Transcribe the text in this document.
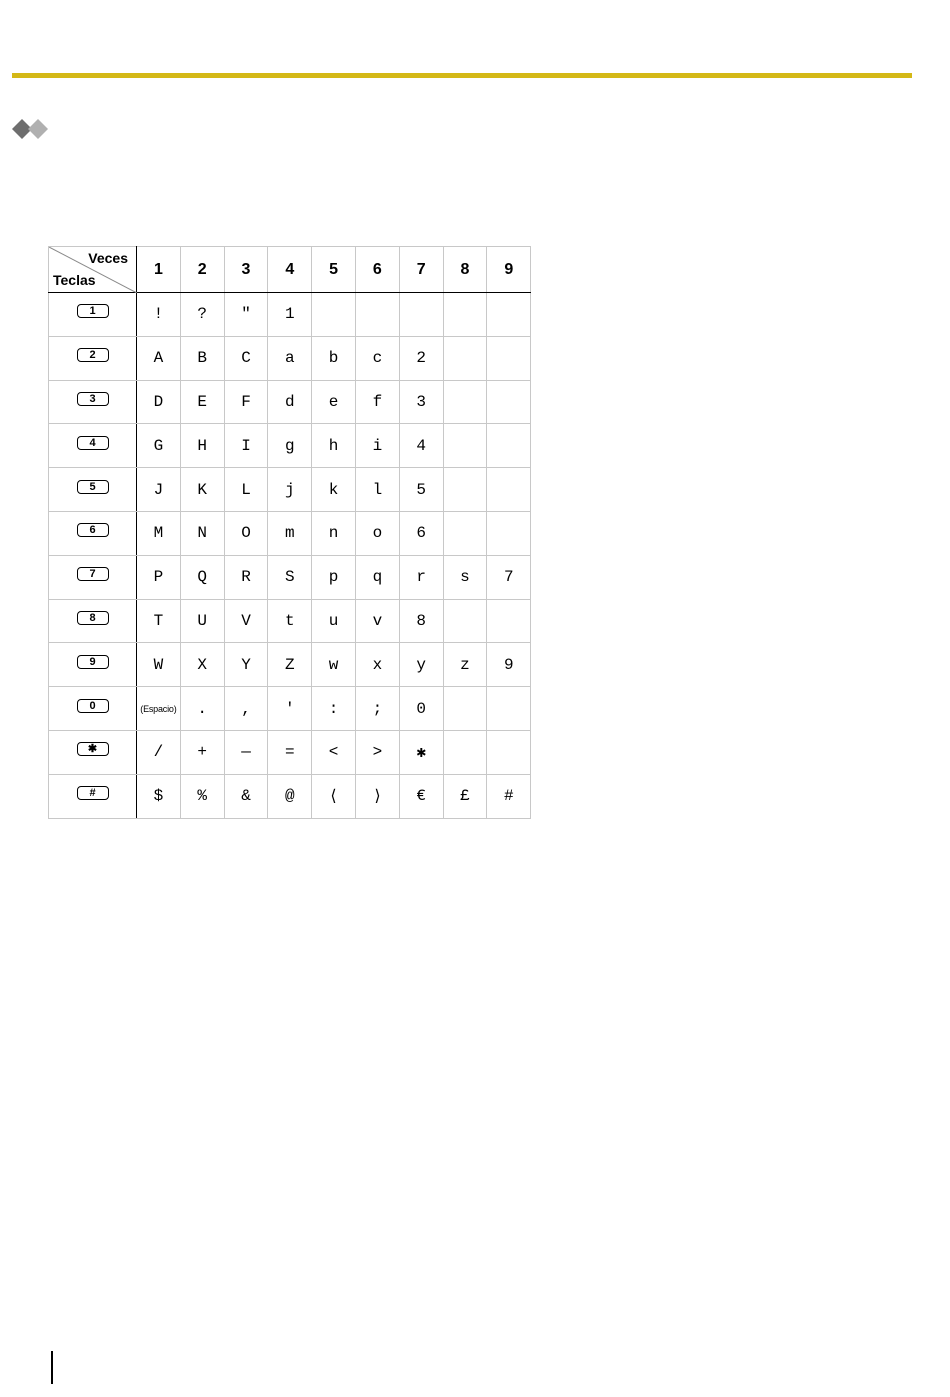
Veces
Teclas	1	2	3	4	5	6	7	8	9
1	!	?	"	1					
2	A	B	C	a	b	c	2		
3	D	E	F	d	e	f	3		
4	G	H	I	g	h	i	4		
5	J	K	L	j	k	l	5		
6	M	N	O	m	n	o	6		
7	P	Q	R	S	p	q	r	s	7
8	T	U	V	t	u	v	8		
9	W	X	Y	Z	w	x	y	z	9
0	(Espacio)	.	,	'	:	;	0		
✱	/	+	—	=	<	>	✱		
#	$	%	&	@	⟨	⟩	€	£	#
